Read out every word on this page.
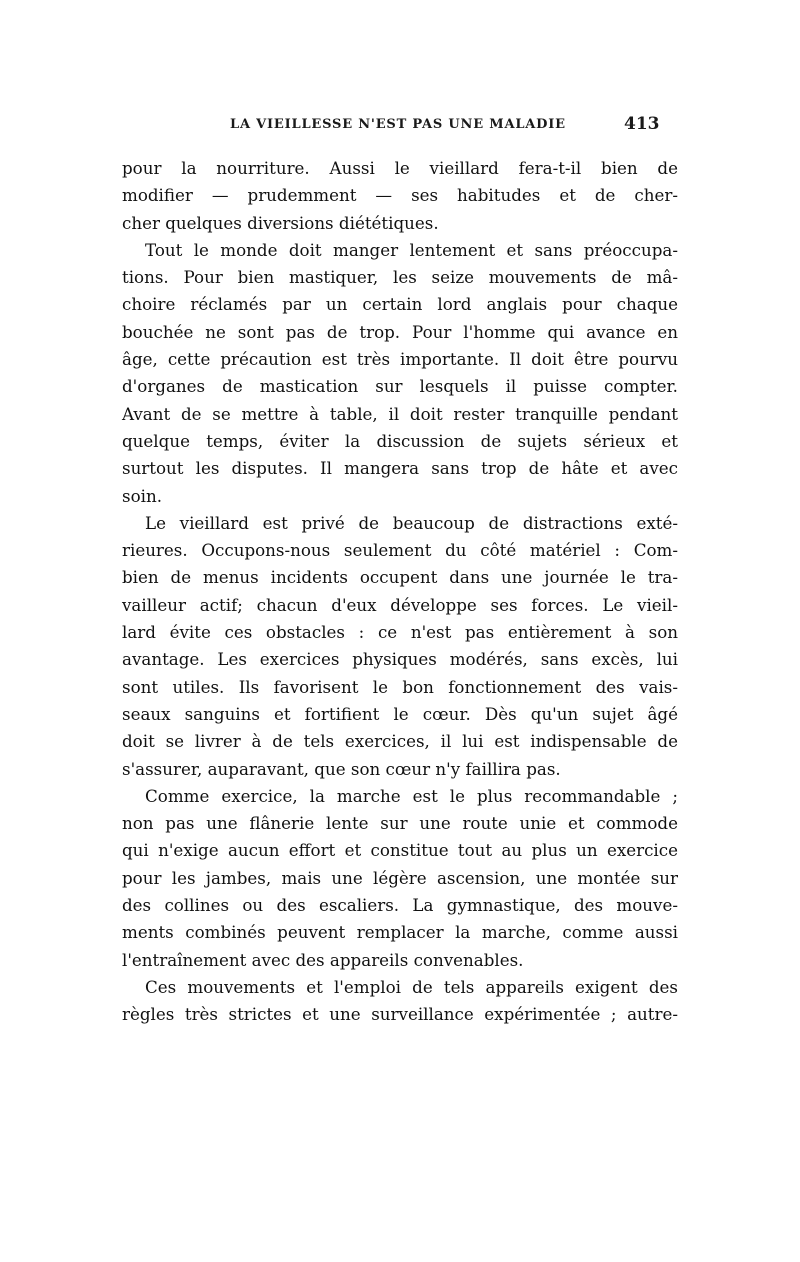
LA VIEILLESSE N'EST PAS UNE MALADIE	413
pour la nourriture. Aussi le vieillard fera-t-il bien de
modifier — prudemment — ses habitudes et de cher-
cher quelques diversions diététiques.
Tout le monde doit manger lentement et sans préoccupa-
tions. Pour bien mastiquer, les seize mouvements de mâ-
choire réclamés par un certain lord anglais pour chaque
bouchée ne sont pas de trop. Pour l'homme qui avance en
âge, cette précaution est très importante. Il doit être pourvu
d'organes de mastication sur lesquels il puisse compter.
Avant de se mettre à table, il doit rester tranquille pendant
quelque temps, éviter la discussion de sujets sérieux et
surtout les disputes. Il mangera sans trop de hâte et avec
soin.
Le vieillard est privé de beaucoup de distractions exté-
rieures. Occupons-nous seulement du côté matériel : Com-
bien de menus incidents occupent dans une journée le tra-
vailleur actif; chacun d'eux développe ses forces. Le vieil-
lard évite ces obstacles : ce n'est pas entièrement à son
avantage. Les exercices physiques modérés, sans excès, lui
sont utiles. Ils favorisent le bon fonctionnement des vais-
seaux sanguins et fortifient le cœur. Dès qu'un sujet âgé
doit se livrer à de tels exercices, il lui est indispensable de
s'assurer, auparavant, que son cœur n'y faillira pas.
Comme exercice, la marche est le plus recommandable ;
non pas une flânerie lente sur une route unie et commode
qui n'exige aucun effort et constitue tout au plus un exercice
pour les jambes, mais une légère ascension, une montée sur
des collines ou des escaliers. La gymnastique, des mouve-
ments combinés peuvent remplacer la marche, comme aussi
l'entraînement avec des appareils convenables.
Ces mouvements et l'emploi de tels appareils exigent des
règles très strictes et une surveillance expérimentée ; autre-
